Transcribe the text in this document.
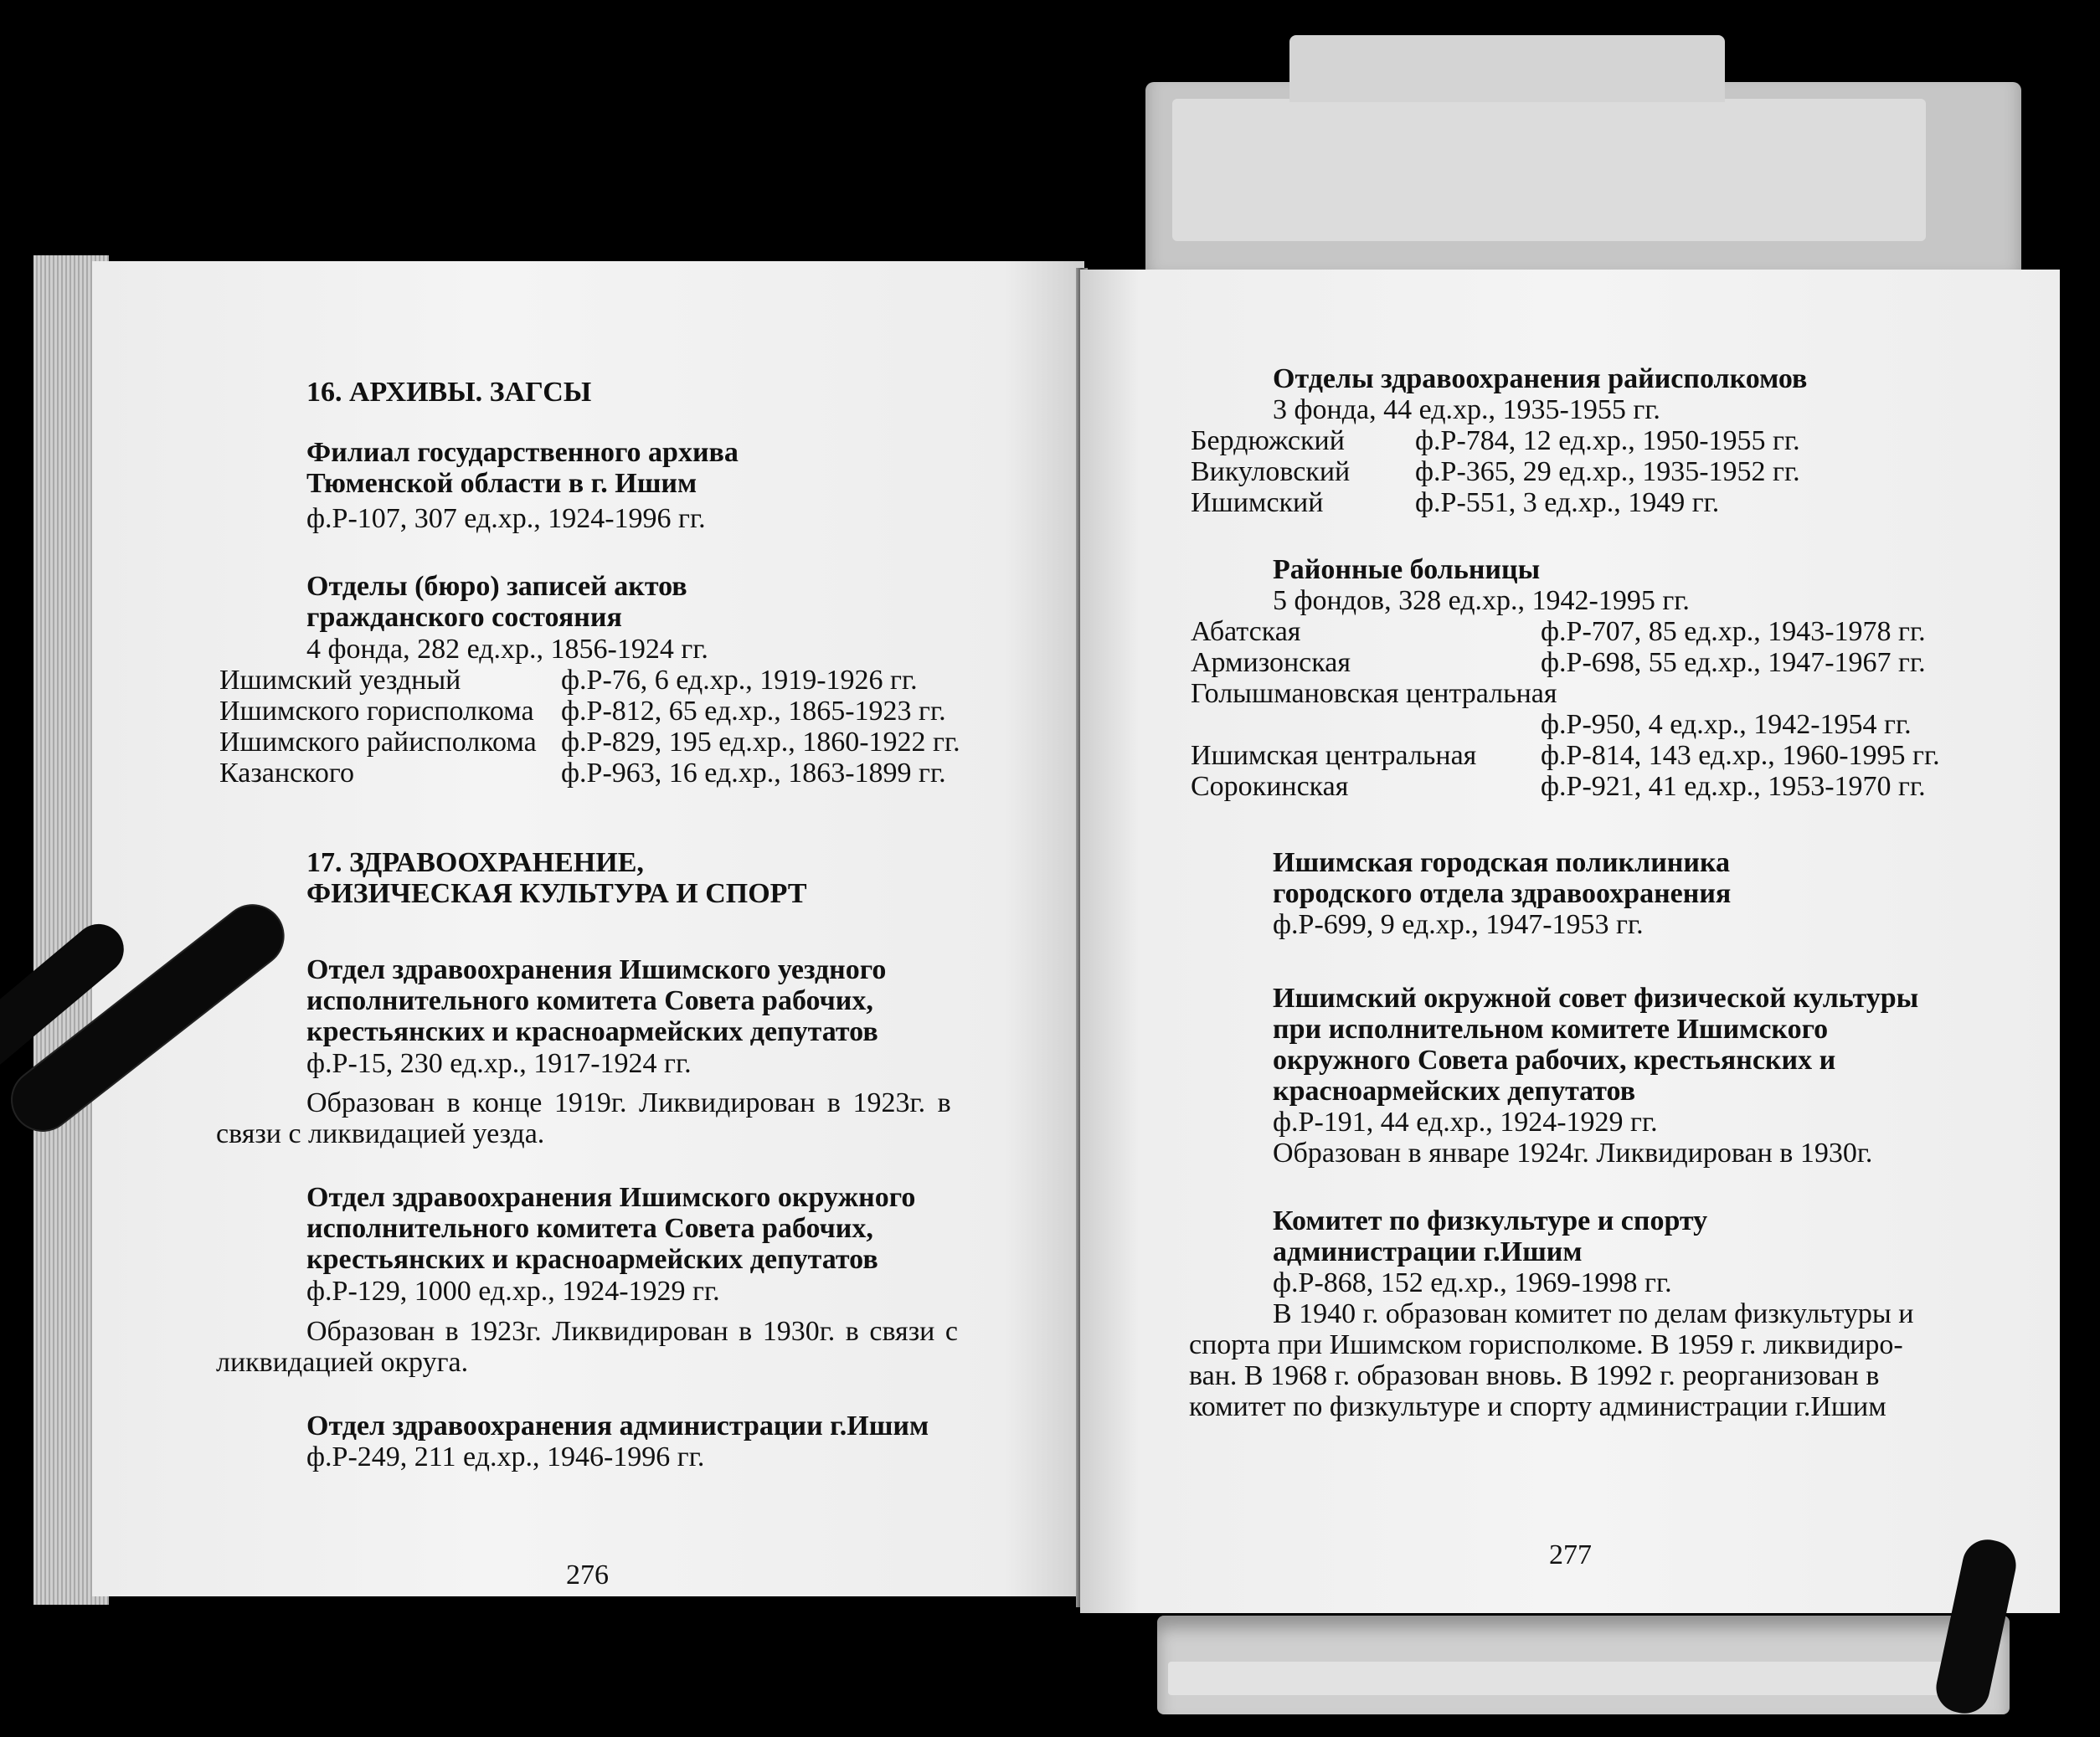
16. АРХИВЫ. ЗАГСЫ

Филиал государственного архива
Тюменской области в г. Ишим

ф.Р-107, 307 ед.хр., 1924-1996 гг.

Отделы (бюро) записей актов
гражданского состояния

4 фонда, 282 ед.хр., 1856-1924 гг.

Ишимский уездный	ф.Р-76, 6 ед.хр., 1919-1926 гг.

Ишимского горисполкома ф.Р-812, 65 ед.хр., 1865-1923 гг.

Ишимского райисполкома ф.Р-829, 195 ед.хр., 1860-1922 гг.

Казанского	ф.Р-963, 16 ед.хр., 1863-1899 гг.

17. ЗДРАВООХРАНЕНИЕ,
ФИЗИЧЕСКАЯ КУЛЬТУРА И СПОРТ
Отдел здравоохранения Ишимского уездного
исполнительного комитета Совета рабочих,
крестьянских и красноармейских депутатов

ф.Р-15, 230 ед.хр., 1917-1924 гг.

Образован в конце 1919г. Ликвидирован в 1923г. в

связи с ликвидацией уезда.

Отдел здравоохранения Ишимского окружного
исполнительного комитета Совета рабочих,
крестьянских и красноармейских депутатов

ф.Р-129, 1000 ед.хр., 1924-1929 гг.

Образован в 1923г. Ликвидирован в 1930г. в связи с

ликвидацией округа.

Отдел здравоохранения администрации г.Ишим

ф.Р-249, 211 ед.хр., 1946-1996 гг.

276

Отделы здравоохранения райисполкомов

3 фонда, 44 ед.хр., 1935-1955 гг.

Бердюжский ф.Р-784, 12 ед.хр., 1950-1955 гг.

Викуловский ф.Р-365, 29 ед.хр., 1935-1952 гг.

Ишимский	ф.Р-551, 3 ед.хр., 1949 гг.

Районные больницы

5 фондов, 328 ед.хр., 1942-1995 гг.

Абатская	ф.Р-707, 85 ед.хр., 1943-1978 гг.

Армизонская	ф.Р-698, 55 ед.хр., 1947-1967 гг.

Голышмановская центральная

ф.Р-950, 4 ед.хр., 1942-1954 гг.

Ишимская центральная ф.Р-814, 143 ед.хр., 1960-1995 гг.

Сорокинская	ф.Р-921, 41 ед.хр., 1953-1970 гг.

Ишимская городская поликлиника
городского отдела здравоохранения

ф.Р-699, 9 ед.хр., 1947-1953 гг.

Ишимский окружной совет физической культуры
при исполнительном комитете Ишимского
окружного Совета рабочих, крестьянских и
красноармейских депутатов

ф.Р-191, 44 ед.хр., 1924-1929 гг.

Образован в январе 1924г. Ликвидирован в 1930г.

Комитет по физкультуре и спорту
администрации г.Ишим

ф.Р-868, 152 ед.хр., 1969-1998 гг.

В 1940 г. образован комитет по делам физкультуры и

спорта при Ишимском горисполкоме. В 1959 г. ликвидиро-

ван. В 1968 г. образован вновь. В 1992 г. реорганизован в

комитет по физкультуре и спорту администрации г.Ишим

277
